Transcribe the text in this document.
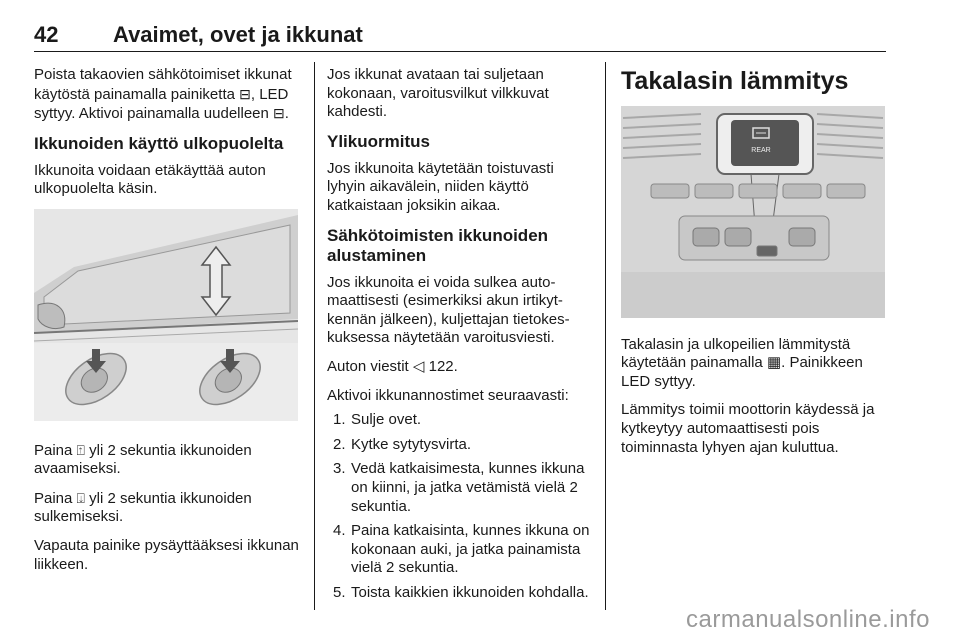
42 Avaimet, ovet ja ikkunat

Poista takaovien sähkötoimiset ikkunat käytöstä painamalla painiketta ⊟, LED syttyy. Aktivoi painamalla uudelleen ⊟.

Ikkunoiden käyttö ulkopuolelta

Ikkunoita voidaan etäkäyttää auton ulkopuolelta käsin.

Paina ⍐ yli 2 sekuntia ikkunoiden avaamiseksi.

Paina ⍗ yli 2 sekuntia ikkunoiden sulkemiseksi.

Vapauta painike pysäyttääksesi ikkunan liikkeen.

Jos ikkunat avataan tai suljetaan kokonaan, varoitusvilkut vilkkuvat kahdesti.

Ylikuormitus

Jos ikkunoita käytetään toistuvasti lyhyin aikavälein, niiden käyttö katkaistaan joksikin aikaa.

Sähkötoimisten ikkunoiden alustaminen

Jos ikkunoita ei voida sulkea automaattisesti (esimerkiksi akun irtikytkennän jälkeen), kuljettajan tietokeskuksessa näytetään varoitusviesti.

Auton viestit ◁ 122.

Aktivoi ikkunannostimet seuraavasti:

1. Sulje ovet.
2. Kytke sytytysvirta.
3. Vedä katkaisimesta, kunnes ikkuna on kiinni, ja jatka vetämistä vielä 2 sekuntia.
4. Paina katkaisinta, kunnes ikkuna on kokonaan auki, ja jatka painamista vielä 2 sekuntia.
5. Toista kaikkien ikkunoiden kohdalla.
Takalasin lämmitys
REAR

Takalasin ja ulkopeilien lämmitystä käytetään painamalla ▦. Painikkeen LED syttyy.

Lämmitys toimii moottorin käydessä ja kytkeytyy automaattisesti pois toiminnasta lyhyen ajan kuluttua.

carmanualsonline.info
